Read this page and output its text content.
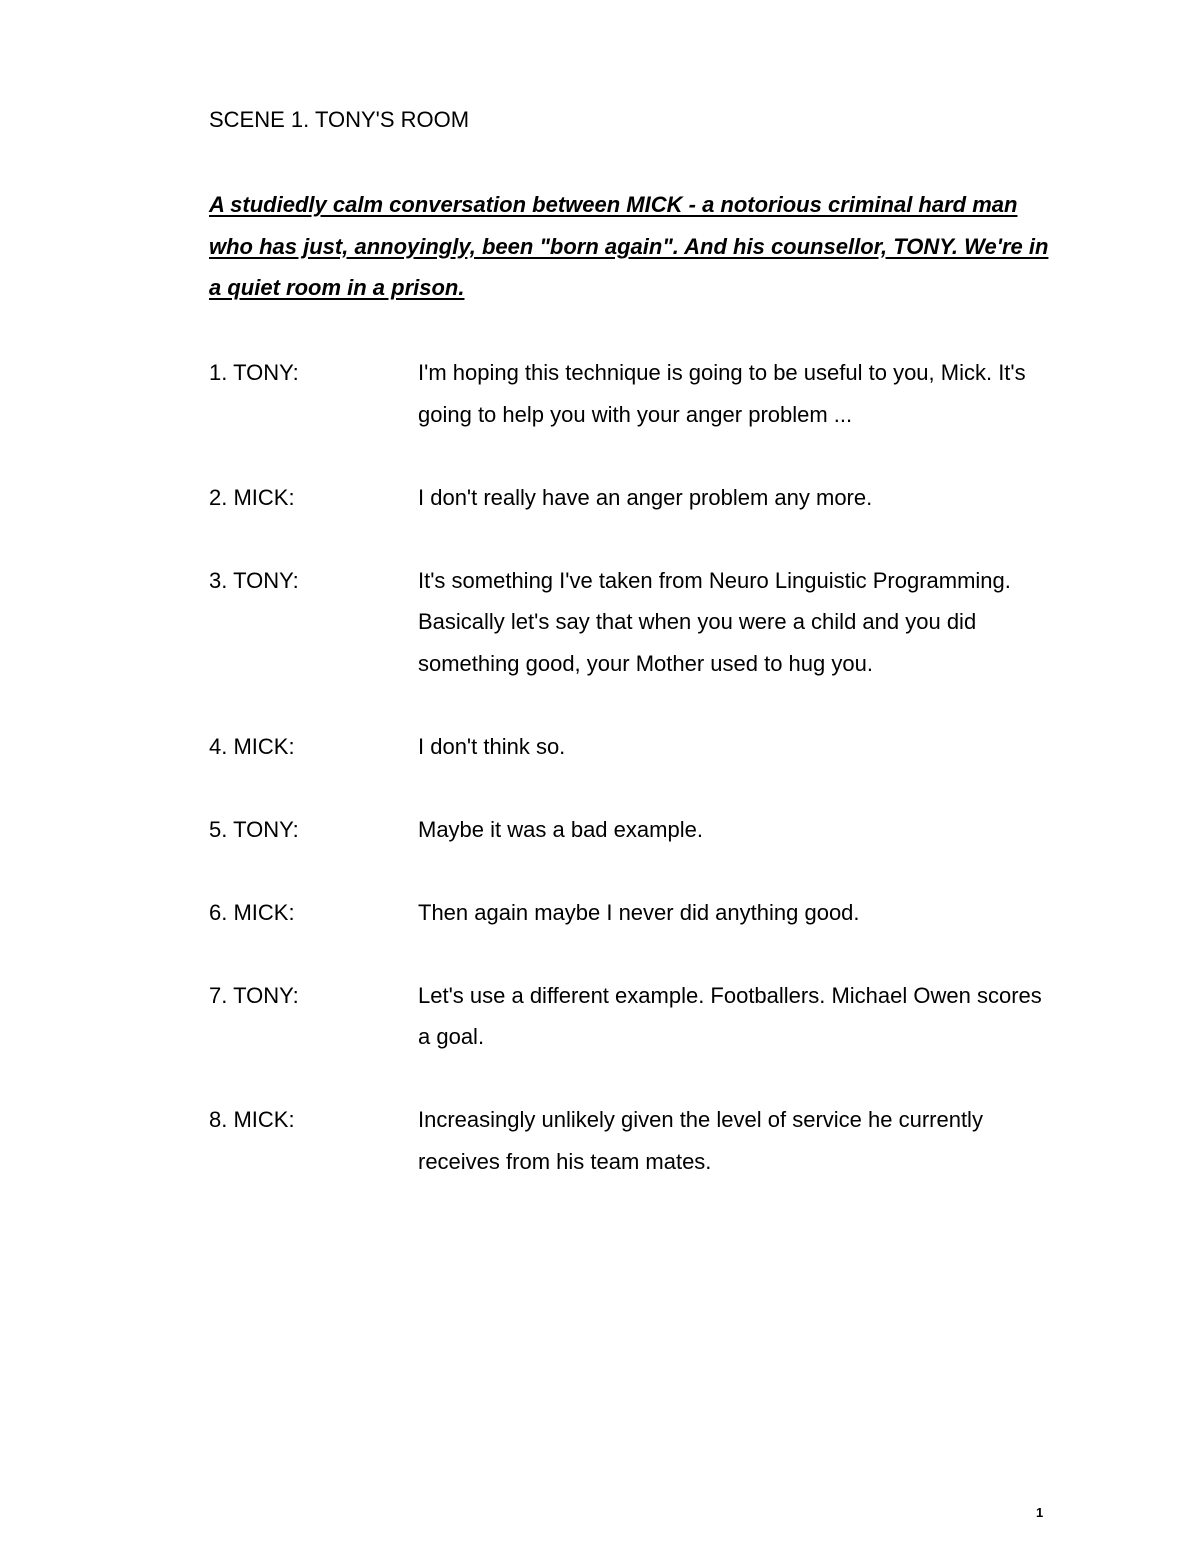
SCENE 1. TONY'S ROOM
A studiedly calm conversation between MICK - a notorious criminal hard man who has just, annoyingly, been "born again". And his counsellor, TONY. We're in a quiet room in a prison.
1. TONY:	I'm hoping this technique is going to be useful to you, Mick. It's going to help you with your anger problem ...
2. MICK:	I don't really have an anger problem any more.
3. TONY:	It's something I've taken from Neuro Linguistic Programming. Basically let's say that when you were a child and you did something good, your Mother used to hug you.
4. MICK:	I don't think so.
5. TONY:	Maybe it was a bad example.
6. MICK:	Then again maybe I never did anything good.
7. TONY:	Let's use a different example. Footballers. Michael Owen scores a goal.
8. MICK:	Increasingly unlikely given the level of service he currently receives from his team mates.
1
